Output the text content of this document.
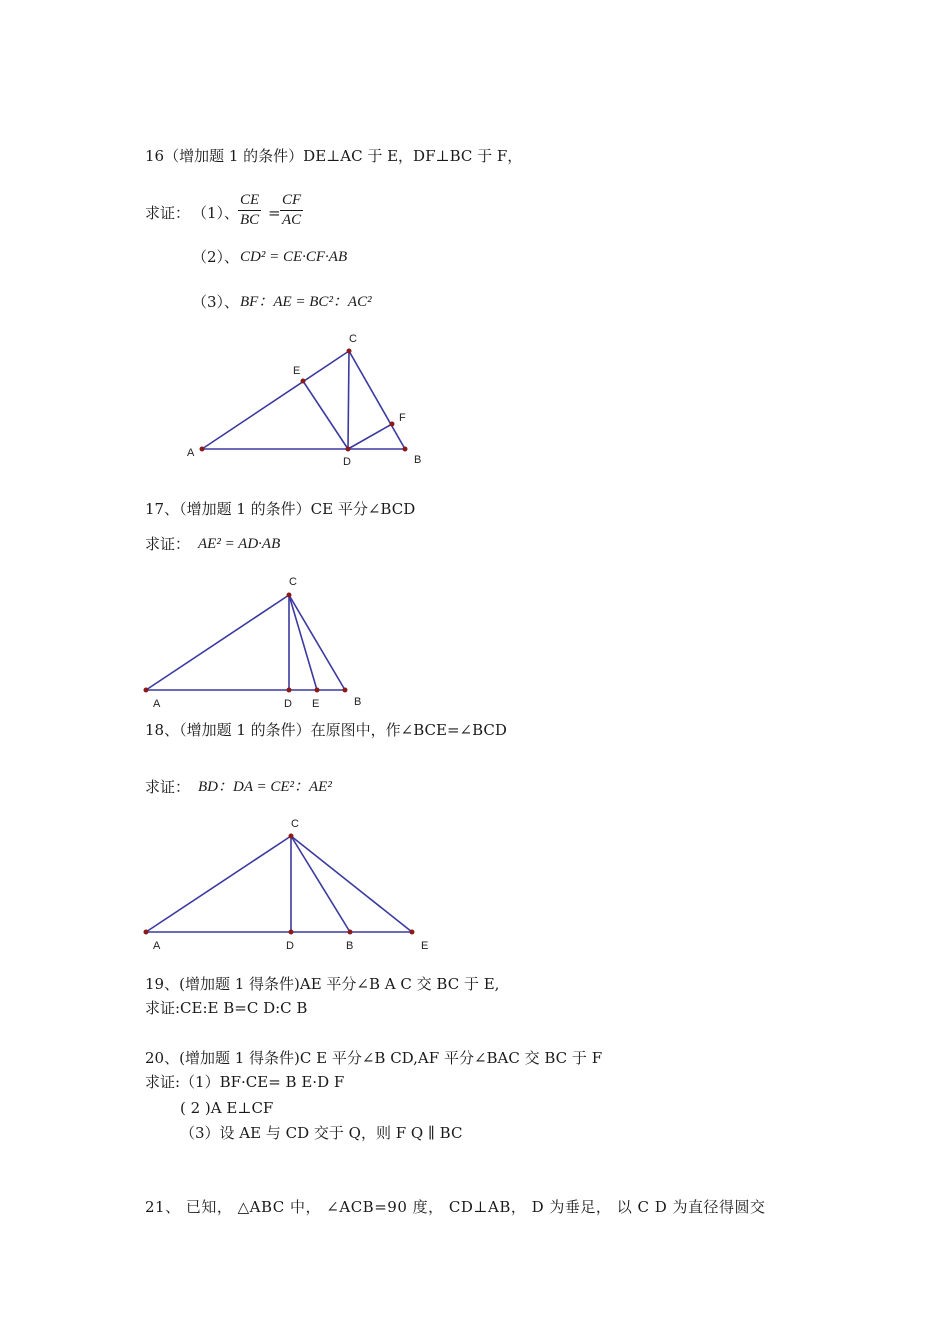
16（增加题 1 的条件）DE⊥AC 于 E，DF⊥BC 于 F，
求证： （1）、
$\frac{CE}{BC} = \frac{CF}{AC}$
（2）、 CD² = CE·CF·AB
（3）、 BF：AE = BC²：AC²
17、（增加题 1 的条件）CE 平分∠BCD
求证： AE² = AD·AB
18、（增加题 1 的条件）在原图中，作∠BCE=∠BCD
求证： BD：DA = CE²：AE²
19、(增加题 1 得条件)AE 平分∠B A C 交 BC 于 E,
求证:CE:E B=C D:C B
20、(增加题 1 得条件)C E 平分∠B CD,AF 平分∠BAC 交 BC 于 F
求证:（1）BF·CE= B E·D F
( 2 )A E⊥CF
（3）设 AE 与 CD 交于 Q，则 F Q ∥ BC
21、 已知， △ABC 中， ∠ACB=90 度， CD⊥AB， D 为垂足， 以 C D 为直径得圆交
A
B
C
D
E
F
A	B
C
D E
A	B
C
D	E
